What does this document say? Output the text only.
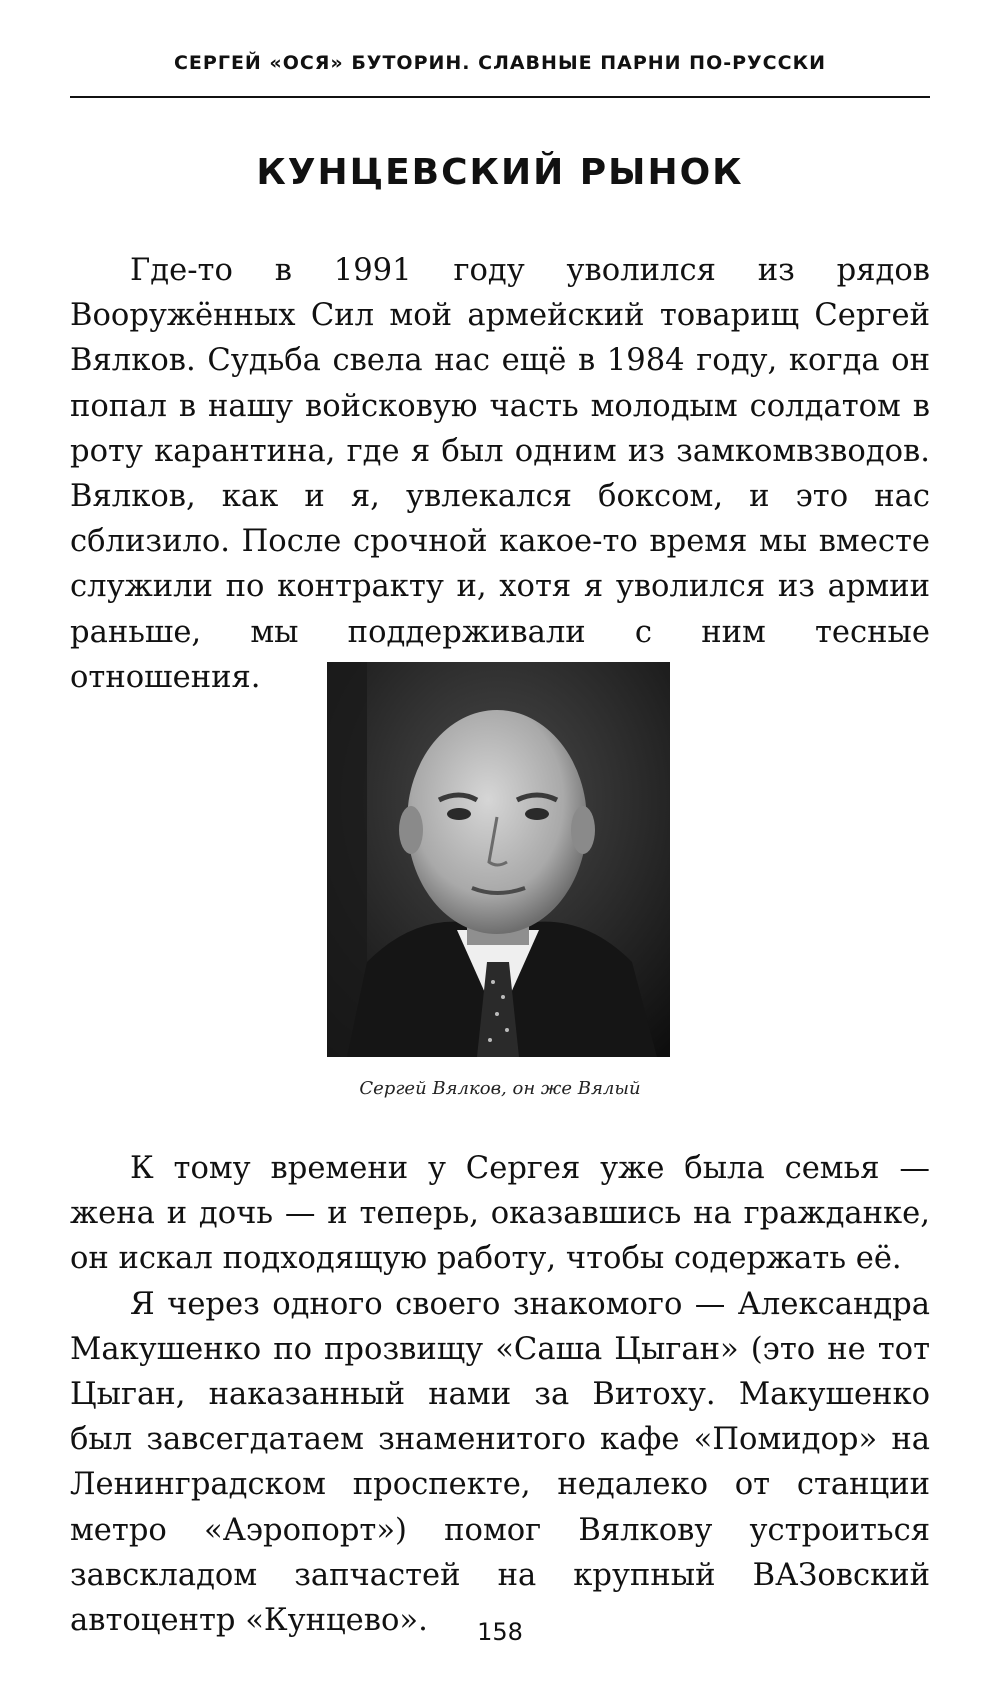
СЕРГЕЙ «ОСЯ» БУТОРИН. СЛАВНЫЕ ПАРНИ ПО-РУССКИ
КУНЦЕВСКИЙ РЫНОК

Где-то в 1991 году уволился из рядов Вооружённых Сил мой армейский товарищ Сергей Вялков. Судьба свела нас ещё в 1984 году, когда он попал в нашу войсковую часть молодым солдатом в роту карантина, где я был одним из замкомвзводов. Вялков, как и я, увлекался боксом, и это нас сблизило. После срочной какое-то время мы вместе служили по контракту и, хотя я уволился из армии раньше, мы поддерживали с ним тесные отношения.

Сергей Вялков, он же Вялый

К тому времени у Сергея уже была семья — жена и дочь — и теперь, оказавшись на гражданке, он искал подходящую работу, чтобы содержать её.

Я через одного своего знакомого — Александра Макушенко по прозвищу «Саша Цыган» (это не тот Цыган, наказанный нами за Витоху. Макушенко был завсегдатаем знаменитого кафе «Помидор» на Ленинградском проспекте, недалеко от станции метро «Аэропорт») помог Вялкову устроиться завскладом запчастей на крупный ВАЗовский автоцентр «Кунцево».	158
